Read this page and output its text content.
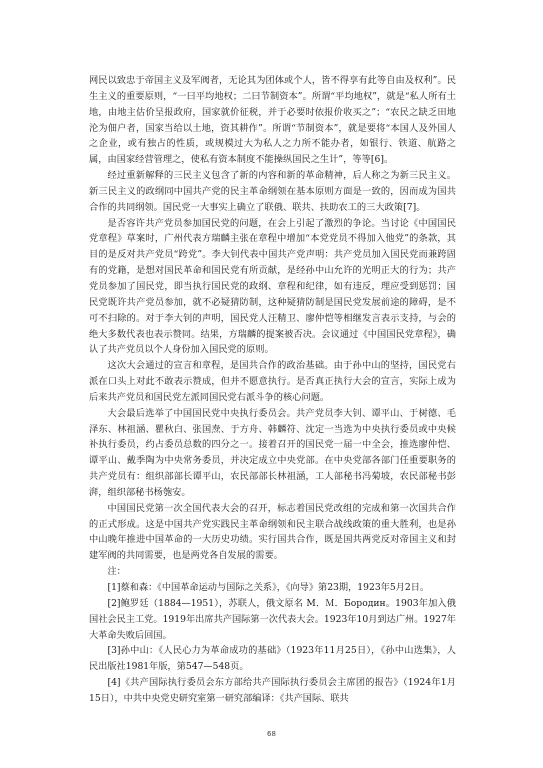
网民以致忠于帝国主义及军阀者，无论其为团体或个人，皆不得享有此等自由及权利”。民生主义的重要原则，“一曰平均地权；二曰节制资本”。所谓“平均地权”，就是“私人所有土地，由地主估价呈报政府，国家就价征税，并于必要时依报价收买之”；“农民之缺乏田地沦为佃户者，国家当给以土地，资其耕作”。所谓“节制资本”，就是要将“本国人及外国人之企业，或有独占的性质，或规模过大为私人之力所不能办者，如银行、铁道、航路之属，由国家经营管理之，使私有资本制度不能操纵国民之生计”，等等[6]。

经过重新解释的三民主义包含了新的内容和新的革命精神，后人称之为新三民主义。新三民主义的政纲同中国共产党的民主革命纲领在基本原则方面是一致的，因而成为国共合作的共同纲领。国民党一大事实上确立了联俄、联共、扶助农工的三大政策[7]。

是否容许共产党员参加国民党的问题，在会上引起了激烈的争论。当讨论《中国国民党章程》草案时，广州代表方瑞麟主张在章程中增加“本党党员不得加入他党”的条款，其目的是反对共产党员“跨党”。李大钊代表中国共产党声明：共产党员加入国民党而兼跨固有的党籍，是想对国民革命和国民党有所贡献，是经孙中山允许的光明正大的行为；共产党员参加了国民党，即当执行国民党的政纲、章程和纪律，如有违反，理应受到惩罚；国民党既许共产党员参加，就不必疑猜防制，这种疑猜防制是国民党发展前途的障碍，是不可不扫除的。对于李大钊的声明，国民党人汪精卫、廖仲恺等相继发言表示支持，与会的绝大多数代表也表示赞同。结果，方瑞麟的提案被否决。会议通过《中国国民党章程》，确认了共产党员以个人身份加入国民党的原则。

这次大会通过的宣言和章程，是国共合作的政治基础。由于孙中山的坚持，国民党右派在口头上对此不敢表示赞成，但并不愿意执行。是否真正执行大会的宣言，实际上成为后来共产党员和国民党左派同国民党右派斗争的核心问题。

大会最后选举了中国国民党中央执行委员会。共产党员李大钊、谭平山、于树德、毛泽东、林祖涵、瞿秋白、张国焘、于方舟、韩麟符、沈定一当选为中央执行委员或中央候补执行委员，约占委员总数的四分之一。接着召开的国民党一届一中全会，推选廖仲恺、谭平山、戴季陶为中央常务委员，并决定成立中央党部。在中央党部各部门任重要职务的共产党员有：组织部部长谭平山，农民部部长林祖涵，工人部秘书冯菊坡，农民部秘书彭湃，组织部秘书杨匏安。

中国国民党第一次全国代表大会的召开，标志着国民党改组的完成和第一次国共合作的正式形成。这是中国共产党实践民主革命纲领和民主联合战线政策的重大胜利，也是孙中山晚年推进中国革命的一大历史功绩。实行国共合作，既是国共两党反对帝国主义和封建军阀的共同需要，也是两党各自发展的需要。

注：

[1]蔡和森：《中国革命运动与国际之关系》，《向导》第23期，1923年5月2日。

[2]鲍罗廷（1884—1951），苏联人，俄文原名 M．Ｍ．Бородин。1903年加入俄国社会民主工党。1919年出席共产国际第一次代表大会。1923年10月到达广州。1927年大革命失败后回国。

[3]孙中山：《人民心力为革命成功的基础》（1923年11月25日），《孙中山选集》，人民出版社1981年版，第547—548页。

[4]《共产国际执行委员会东方部给共产国际执行委员会主席团的报告》（1924年1月15日），中共中央党史研究室第一研究部编译：《共产国际、联共

68
